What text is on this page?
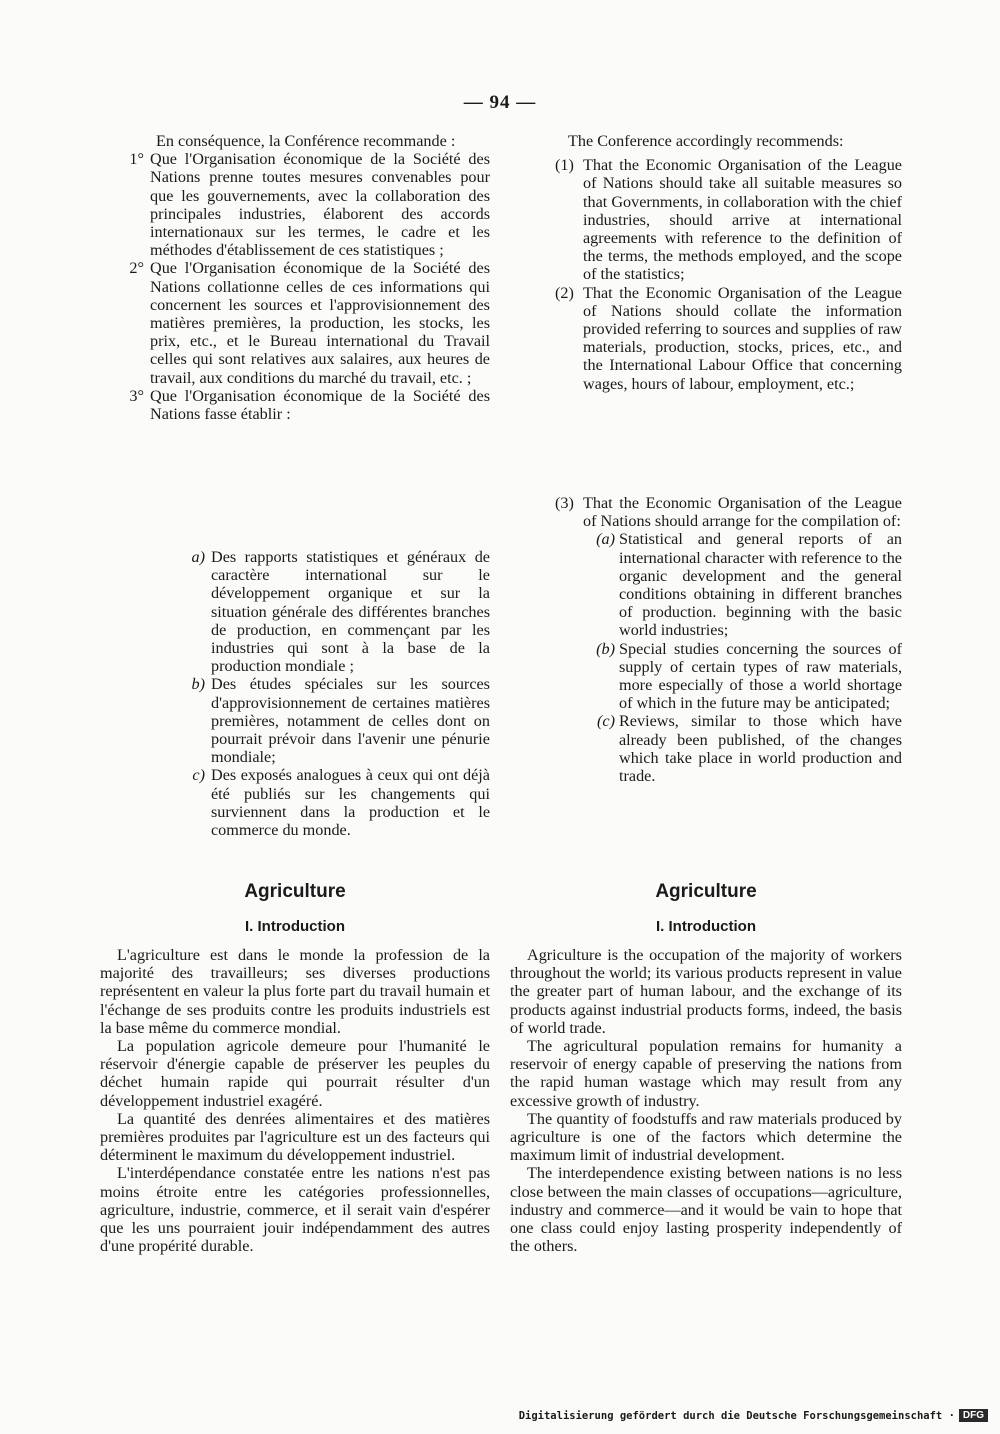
— 94 —

En conséquence, la Conférence recommande :

1° Que l'Organisation économique de la Société des Nations prenne toutes mesures convenables pour que les gouvernements, avec la collaboration des principales industries, élaborent des accords internationaux sur les termes, le cadre et les méthodes d'établissement de ces statistiques ;
2° Que l'Organisation économique de la Société des Nations collationne celles de ces informations qui concernent les sources et l'approvisionnement des matières premières, la production, les stocks, les prix, etc., et le Bureau international du Travail celles qui sont relatives aux salaires, aux heures de travail, aux conditions du marché du travail, etc. ;
3° Que l'Organisation économique de la Société des Nations fasse établir :
a) Des rapports statistiques et généraux de caractère international sur le développement organique et sur la situation générale des différentes branches de production, en commençant par les industries qui sont à la base de la production mondiale ;
b) Des études spéciales sur les sources d'approvisionnement de certaines matières premières, notamment de celles dont on pourrait prévoir dans l'avenir une pénurie mondiale;
c) Des exposés analogues à ceux qui ont déjà été publiés sur les changements qui surviennent dans la production et le commerce du monde.

The Conference accordingly recommends:

(1) That the Economic Organisation of the League of Nations should take all suitable measures so that Governments, in collaboration with the chief industries, should arrive at international agreements with reference to the definition of the terms, the methods employed, and the scope of the statistics;
(2) That the Economic Organisation of the League of Nations should collate the information provided referring to sources and supplies of raw materials, production, stocks, prices, etc., and the International Labour Office that concerning wages, hours of labour, employment, etc.;
(3) That the Economic Organisation of the League of Nations should arrange for the compilation of:
(a) Statistical and general reports of an international character with reference to the organic development and the general conditions obtaining in different branches of production. beginning with the basic world industries;
(b) Special studies concerning the sources of supply of certain types of raw materials, more especially of those a world shortage of which in the future may be anticipated;
(c) Reviews, similar to those which have already been published, of the changes which take place in world production and trade.
Agriculture
I. Introduction
Agriculture
I. Introduction

L'agriculture est dans le monde la profession de la majorité des travailleurs; ses diverses productions représentent en valeur la plus forte part du travail humain et l'échange de ses produits contre les produits industriels est la base même du commerce mondial.

La population agricole demeure pour l'humanité le réservoir d'énergie capable de préserver les peuples du déchet humain rapide qui pourrait résulter d'un développement industriel exagéré.

La quantité des denrées alimentaires et des matières premières produites par l'agriculture est un des facteurs qui déterminent le maximum du développement industriel.

L'interdépendance constatée entre les nations n'est pas moins étroite entre les catégories professionnelles, agriculture, industrie, commerce, et il serait vain d'espérer que les uns pourraient jouir indépendamment des autres d'une propérité durable.

Agriculture is the occupation of the majority of workers throughout the world; its various products represent in value the greater part of human labour, and the exchange of its products against industrial products forms, indeed, the basis of world trade.

The agricultural population remains for humanity a reservoir of energy capable of preserving the nations from the rapid human wastage which may result from any excessive growth of industry.

The quantity of foodstuffs and raw materials produced by agriculture is one of the factors which determine the maximum limit of industrial development.

The interdependence existing between nations is no less close between the main classes of occupations—agriculture, industry and commerce—and it would be vain to hope that one class could enjoy lasting prosperity independently of the others.

Digitalisierung gefördert durch die Deutsche Forschungsgemeinschaft · DFG
